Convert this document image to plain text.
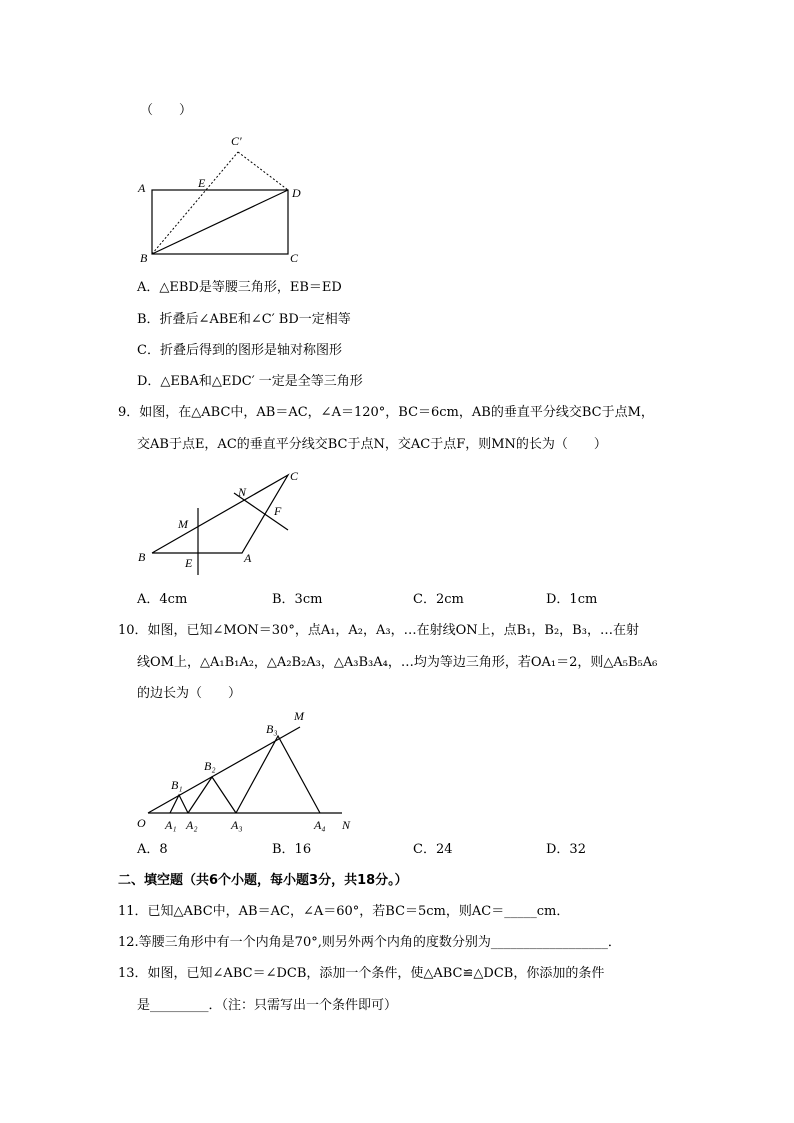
（　　）
A	E
C′
D
B	C
A．△EBD是等腰三角形，EB＝ED
B．折叠后∠ABE和∠C′ BD一定相等
C．折叠后得到的图形是轴对称图形
D．△EBA和△EDC′ 一定是全等三角形
9．如图，在△ABC中，AB＝AC，∠A＝120°，BC＝6cm，AB的垂直平分线交BC于点M，
交AB于点E，AC的垂直平分线交BC于点N，交AC于点F，则MN的长为（　　）
C
N
M
F
B	E	A
A．4cm	B．3cm	C．2cm	D．1cm
10．如图，已知∠MON＝30°，点A₁，A₂，A₃，…在射线ON上，点B₁，B₂，B₃，…在射
线OM上，△A₁B₁A₂，△A₂B₂A₃，△A₃B₃A₄，…均为等边三角形，若OA₁＝2，则△A₅B₅A₆
的边长为（　　）
M
B₃
B₂
B₁
O A₁ A₂	A₃	A₄ N
A．8	B．16	C．24	D．32
二、填空题（共6个小题，每小题3分，共18分。）
11．已知△ABC中，AB＝AC，∠A＝60°，若BC＝5cm，则AC＝_____cm．
12.等腰三角形中有一个内角是70°,则另外两个内角的度数分别为__________________．
13．如图，已知∠ABC＝∠DCB，添加一个条件，使△ABC≌△DCB，你添加的条件
是_________．（注：只需写出一个条件即可）
